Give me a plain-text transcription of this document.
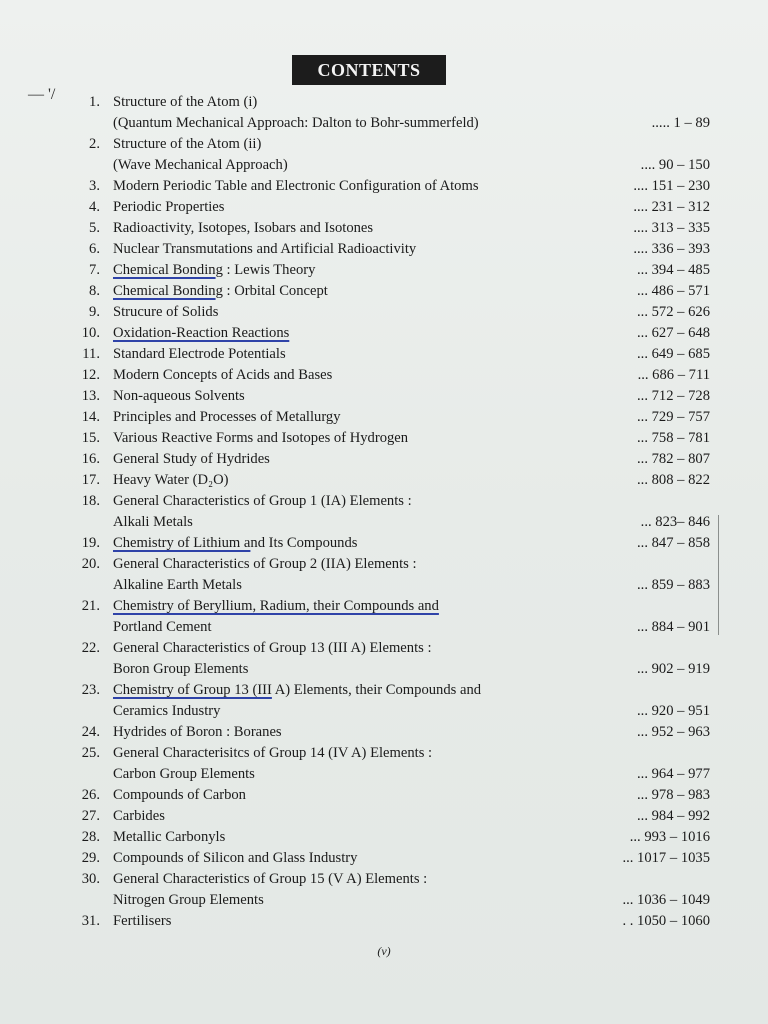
CONTENTS
— '/	1. Structure of the Atom (i)
(Quantum Mechanical Approach: Dalton to Bohr-summerfeld)	..... 1 – 89
2. Structure of the Atom (ii)
(Wave Mechanical Approach)	.... 90 – 150
3. Modern Periodic Table and Electronic Configuration of Atoms	.... 151 – 230
4. Periodic Properties	.... 231 – 312
5. Radioactivity, Isotopes, Isobars and Isotones	.... 313 – 335
6. Nuclear Transmutations and Artificial Radioactivity	.... 336 – 393
7. Chemical Bonding : Lewis Theory	... 394 – 485
8. Chemical Bonding : Orbital Concept	... 486 – 571
9. Strucure of Solids	... 572 – 626
10. Oxidation-Reaction Reactions	... 627 – 648
11. Standard Electrode Potentials	... 649 – 685
12. Modern Concepts of Acids and Bases	... 686 – 711
13. Non-aqueous Solvents	... 712 – 728
14. Principles and Processes of Metallurgy	... 729 – 757
15. Various Reactive Forms and Isotopes of Hydrogen	... 758 – 781
16. General Study of Hydrides	... 782 – 807
17. Heavy Water (D₂O)	... 808 – 822
18. General Characteristics of Group 1 (IA) Elements :
Alkali Metals	... 823– 846
19. Chemistry of Lithium and Its Compounds	... 847 – 858
20. General Characteristics of Group 2 (IIA) Elements :
Alkaline Earth Metals	... 859 – 883
21. Chemistry of Beryllium, Radium, their Compounds and
Portland Cement	... 884 – 901
22. General Characteristics of Group 13 (III A) Elements :
Boron Group Elements	... 902 – 919
23. Chemistry of Group 13 (III A) Elements, their Compounds and
Ceramics Industry	... 920 – 951
24. Hydrides of Boron : Boranes	... 952 – 963
25. General Characterisitcs of Group 14 (IV A) Elements :
Carbon Group Elements	... 964 – 977
26. Compounds of Carbon	... 978 – 983
27. Carbides	... 984 – 992
28. Metallic Carbonyls	... 993 – 1016
29. Compounds of Silicon and Glass Industry	... 1017 – 1035
30. General Characteristics of Group 15 (V A) Elements :
Nitrogen Group Elements	... 1036 – 1049
31. Fertilisers	. . 1050 – 1060
(v)
